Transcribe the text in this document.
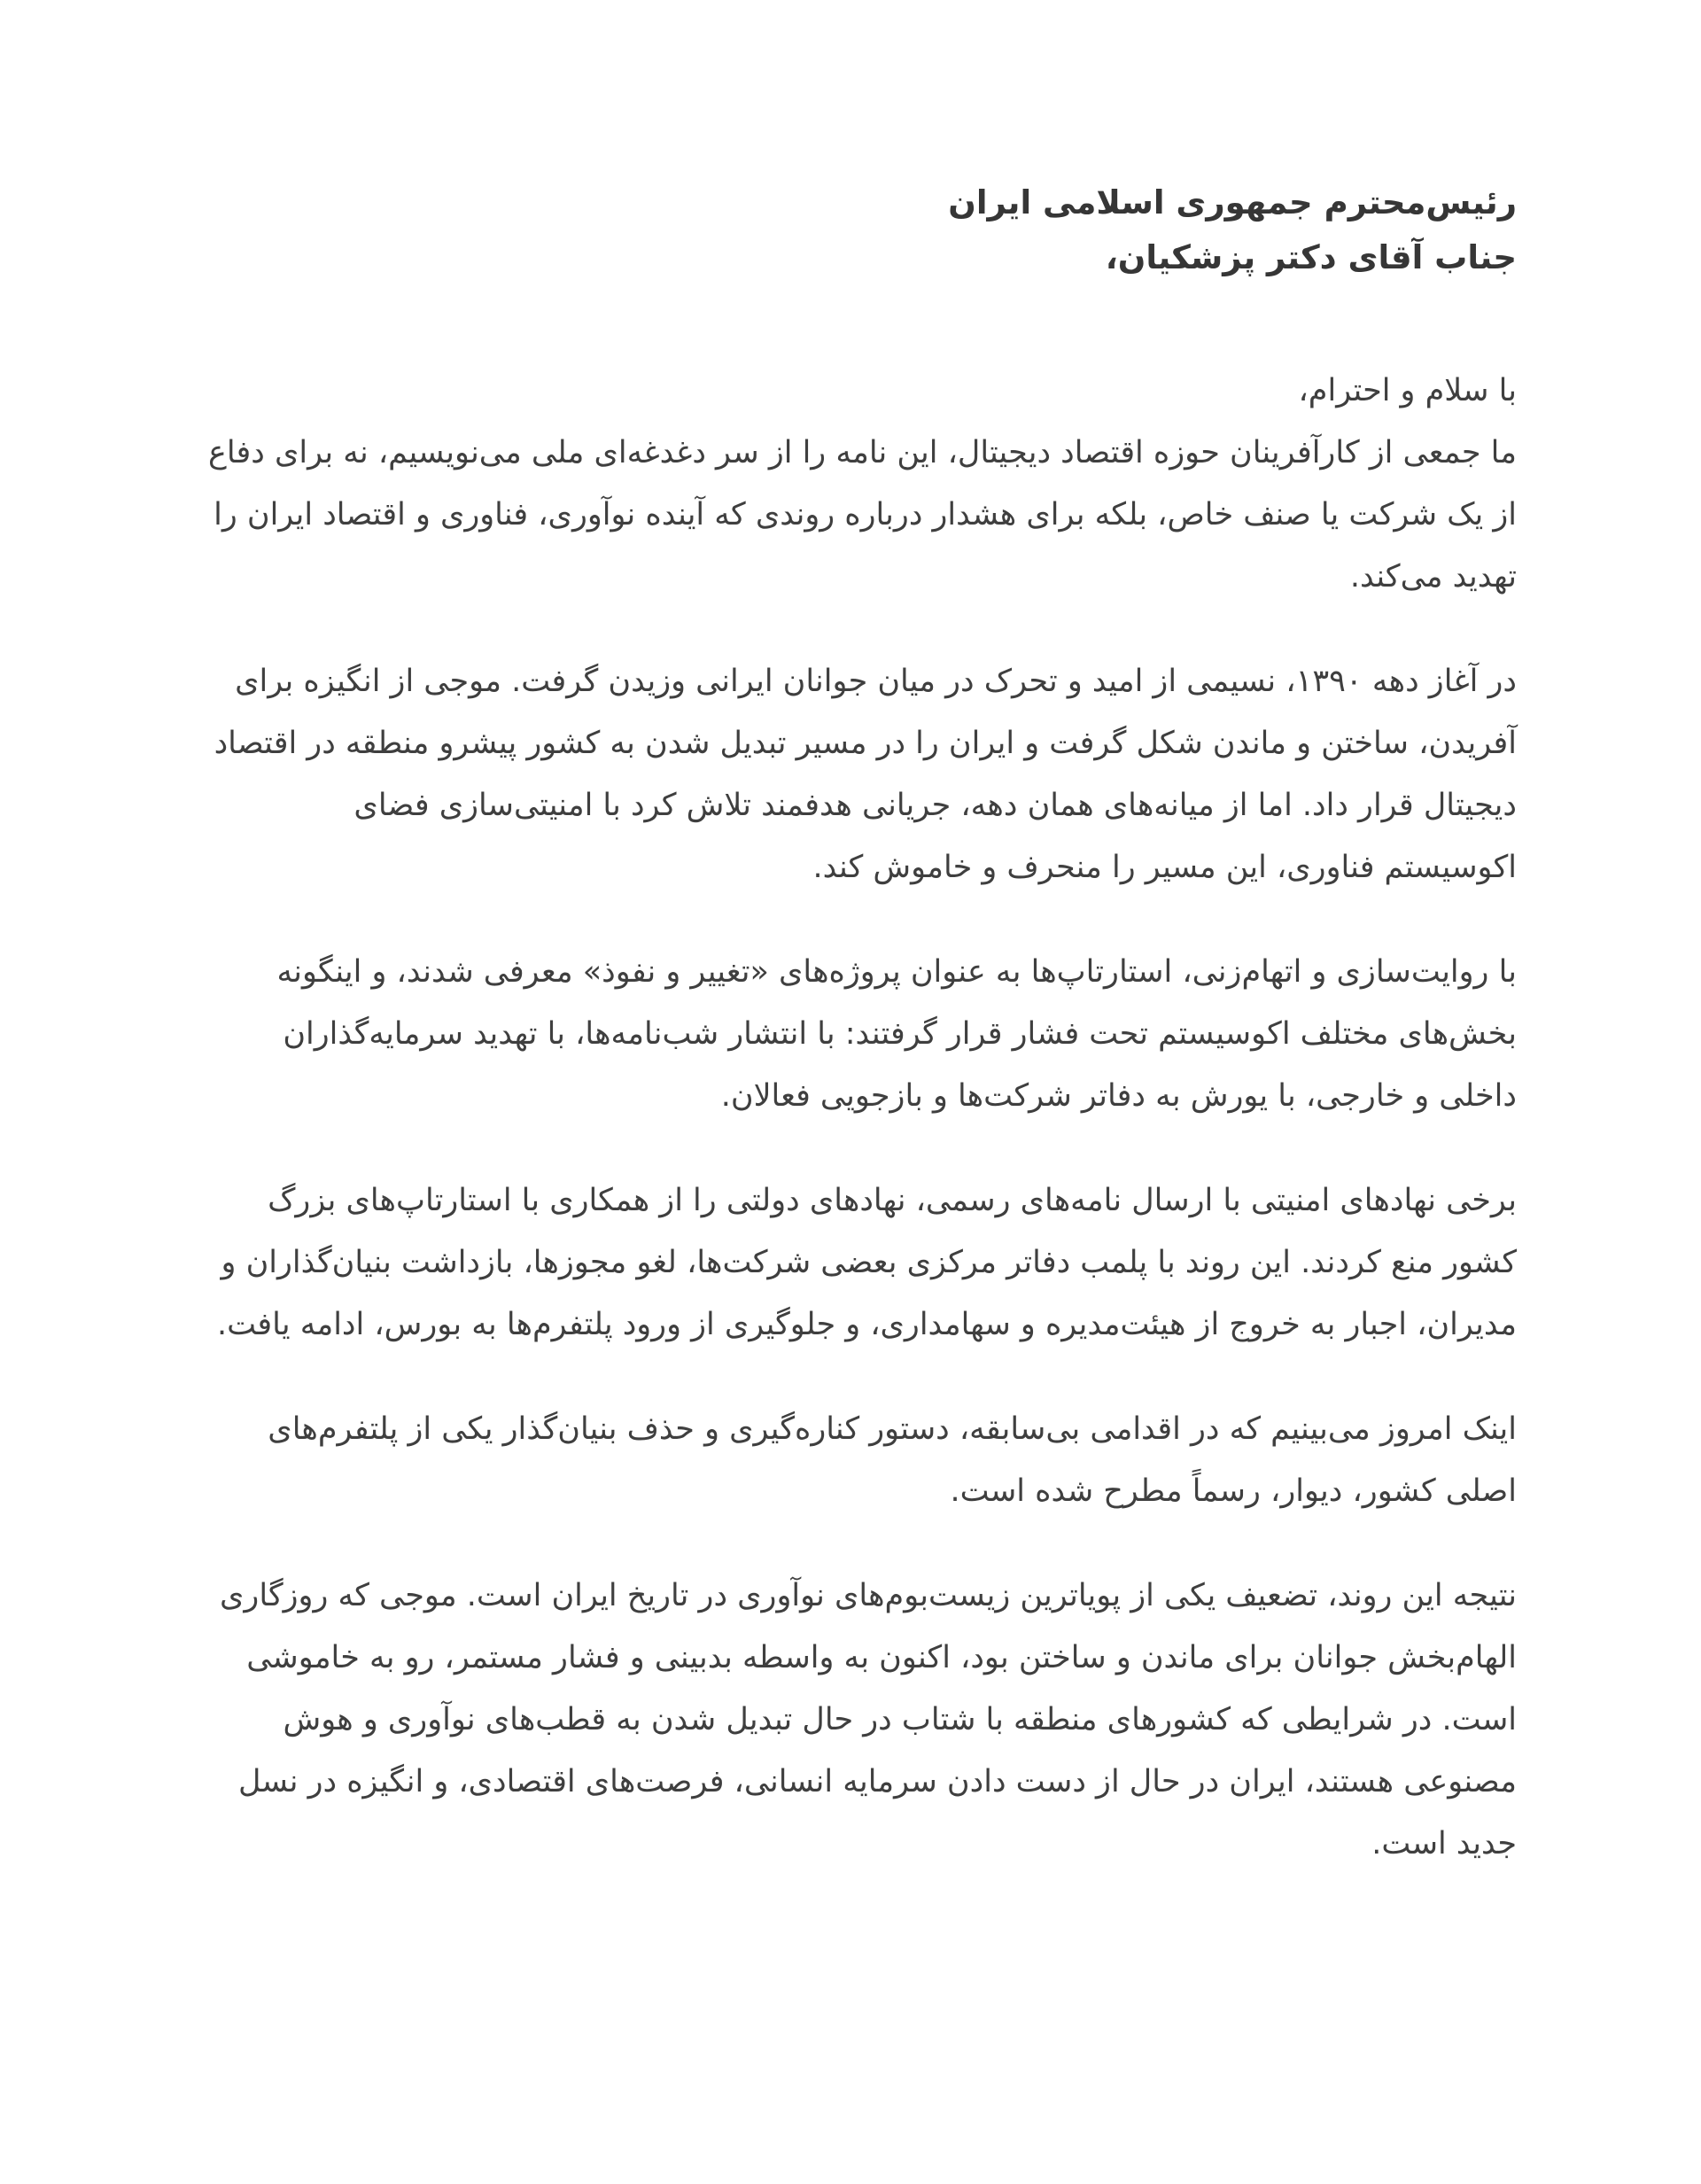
رئیس‌محترم جمهوری اسلامی ایران
جناب آقای دکتر پزشکیان،
با سلام و احترام،
ما جمعی از کارآفرینان حوزه اقتصاد دیجیتال، این نامه را از سر دغدغه‌ای ملی می‌نویسیم، نه برای دفاع
از یک شرکت یا صنف خاص، بلکه برای هشدار درباره روندی که آینده نوآوری، فناوری و اقتصاد ایران را
تهدید می‌کند.
در آغاز دهه ۱۳۹۰، نسیمی از امید و تحرک در میان جوانان ایرانی وزیدن گرفت. موجی از انگیزه برای
آفریدن، ساختن و ماندن شکل گرفت و ایران را در مسیر تبدیل شدن به کشور پیشرو منطقه در اقتصاد
دیجیتال قرار داد. اما از میانه‌های همان دهه، جریانی هدفمند تلاش کرد با امنیتی‌سازی فضای
اکوسیستم فناوری، این مسیر را منحرف و خاموش کند.
با روایت‌سازی و اتهام‌زنی، استارتاپ‌ها به عنوان پروژه‌های «تغییر و نفوذ» معرفی شدند، و اینگونه
بخش‌های مختلف اکوسیستم تحت فشار قرار گرفتند: با انتشار شب‌نامه‌ها، با تهدید سرمایه‌گذاران
داخلی و خارجی، با یورش به دفاتر شرکت‌ها و بازجویی فعالان.
برخی نهادهای امنیتی با ارسال نامه‌های رسمی، نهادهای دولتی را از همکاری با استارتاپ‌های بزرگ
کشور منع کردند. این روند با پلمب دفاتر مرکزی بعضی شرکت‌ها، لغو مجوزها، بازداشت بنیان‌گذاران و
مدیران، اجبار به خروج از هیئت‌مدیره و سهامداری، و جلوگیری از ورود پلتفرم‌ها به بورس، ادامه یافت.
اینک امروز می‌بینیم که در اقدامی بی‌سابقه، دستور کناره‌گیری و حذف بنیان‌گذار یکی از پلتفرم‌های
اصلی کشور، دیوار، رسماً مطرح شده است.
نتیجه این روند، تضعیف یکی از پویاترین زیست‌بوم‌های نوآوری در تاریخ ایران است. موجی که روزگاری
الهام‌بخش جوانان برای ماندن و ساختن بود، اکنون به واسطه بدبینی و فشار مستمر، رو به خاموشی
است. در شرایطی که کشورهای منطقه با شتاب در حال تبدیل شدن به قطب‌های نوآوری و هوش
مصنوعی هستند، ایران در حال از دست دادن سرمایه انسانی، فرصت‌های اقتصادی، و انگیزه در نسل
جدید است.
